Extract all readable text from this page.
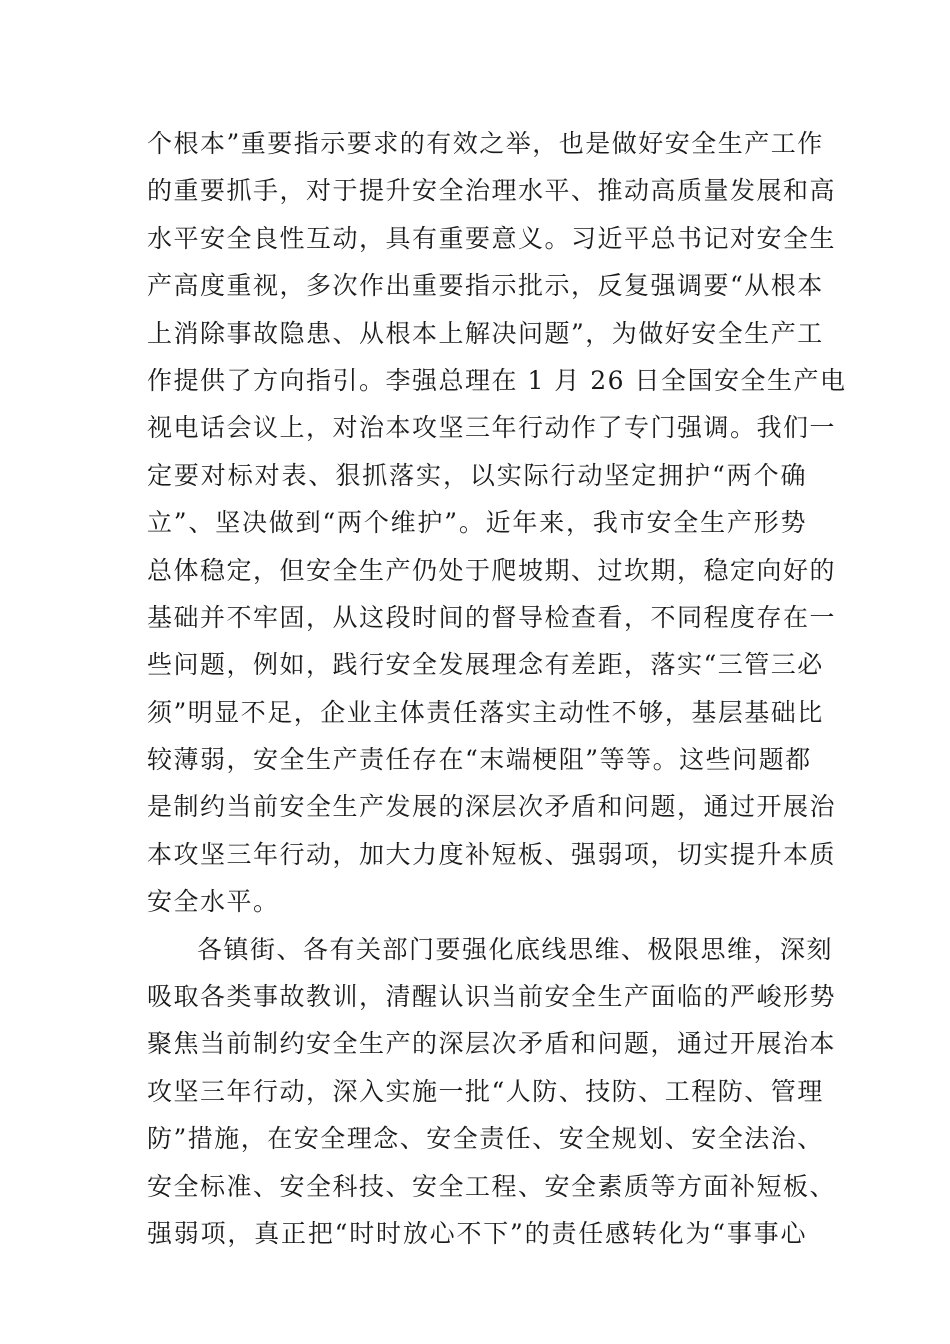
个根本”重要指示要求的有效之举，也是做好安全生产工作
的重要抓手，对于提升安全治理水平、推动高质量发展和高
水平安全良性互动，具有重要意义。习近平总书记对安全生
产高度重视，多次作出重要指示批示，反复强调要“从根本
上消除事故隐患、从根本上解决问题”，为做好安全生产工
作提供了方向指引。李强总理在 1 月 26 日全国安全生产电
视电话会议上，对治本攻坚三年行动作了专门强调。我们一
定要对标对表、狠抓落实，以实际行动坚定拥护“两个确
立”、坚决做到“两个维护”。近年来，我市安全生产形势
总体稳定，但安全生产仍处于爬坡期、过坎期，稳定向好的
基础并不牢固，从这段时间的督导检查看，不同程度存在一
些问题，例如，践行安全发展理念有差距，落实“三管三必
须”明显不足，企业主体责任落实主动性不够，基层基础比
较薄弱，安全生产责任存在“末端梗阻”等等。这些问题都
是制约当前安全生产发展的深层次矛盾和问题，通过开展治
本攻坚三年行动，加大力度补短板、强弱项，切实提升本质
安全水平。
各镇街、各有关部门要强化底线思维、极限思维，深刻
吸取各类事故教训，清醒认识当前安全生产面临的严峻形势
聚焦当前制约安全生产的深层次矛盾和问题，通过开展治本
攻坚三年行动，深入实施一批“人防、技防、工程防、管理
防”措施，在安全理念、安全责任、安全规划、安全法治、
安全标准、安全科技、安全工程、安全素质等方面补短板、
强弱项，真正把“时时放心不下”的责任感转化为“事事心
